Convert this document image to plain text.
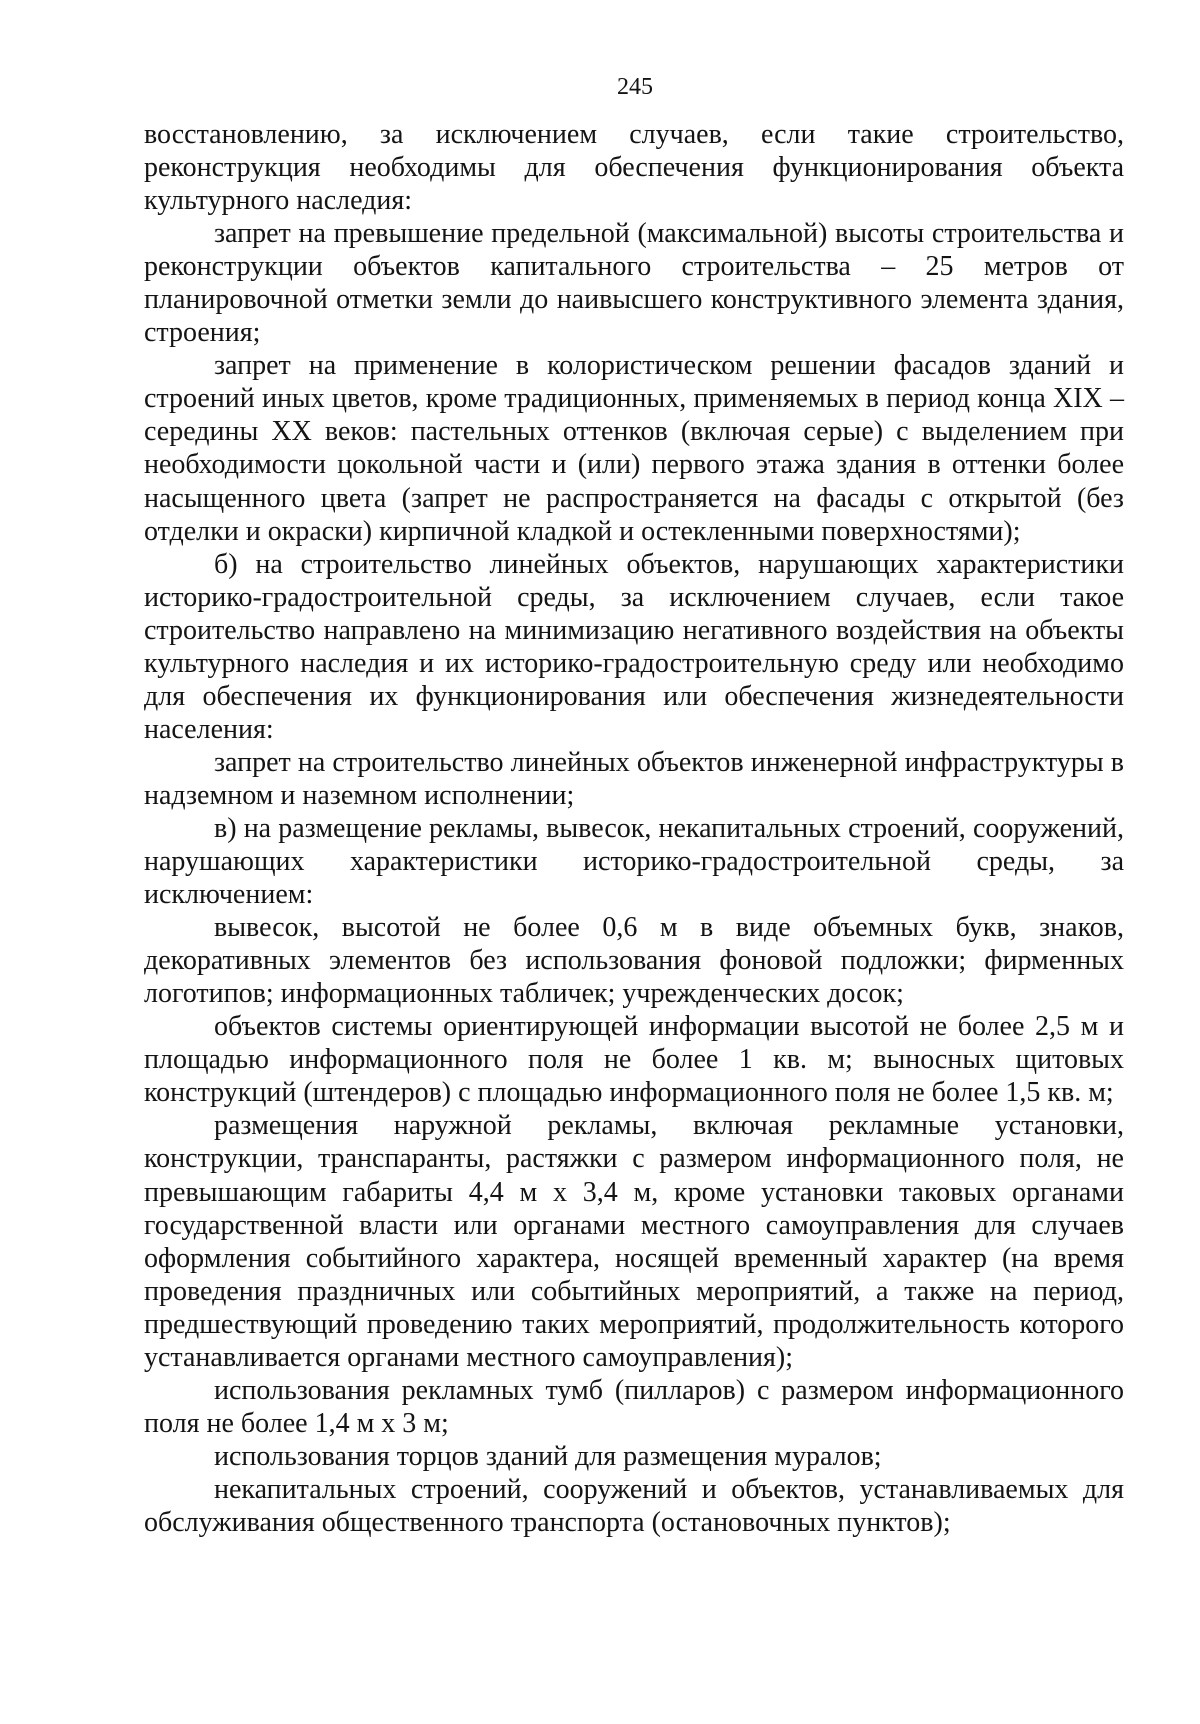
245

восстановлению, за исключением случаев, если такие строительство, реконструкция необходимы для обеспечения функционирования объекта культурного наследия:

запрет на превышение предельной (максимальной) высоты строительства и реконструкции объектов капитального строительства – 25 метров от планировочной отметки земли до наивысшего конструктивного элемента здания, строения;

запрет на применение в колористическом решении фасадов зданий и строений иных цветов, кроме традиционных, применяемых в период конца XIX – середины XX веков: пастельных оттенков (включая серые) с выделением при необходимости цокольной части и (или) первого этажа здания в оттенки более насыщенного цвета (запрет не распространяется на фасады с открытой (без отделки и окраски) кирпичной кладкой и остекленными поверхностями);

б) на строительство линейных объектов, нарушающих характеристики историко-градостроительной среды, за исключением случаев, если такое строительство направлено на минимизацию негативного воздействия на объекты культурного наследия и их историко-градостроительную среду или необходимо для обеспечения их функционирования или обеспечения жизнедеятельности населения:

запрет на строительство линейных объектов инженерной инфраструктуры в надземном и наземном исполнении;

в) на размещение рекламы, вывесок, некапитальных строений, сооружений, нарушающих характеристики историко-градостроительной среды, за исключением:

вывесок, высотой не более 0,6 м в виде объемных букв, знаков, декоративных элементов без использования фоновой подложки; фирменных логотипов; информационных табличек; учрежденческих досок;

объектов системы ориентирующей информации высотой не более 2,5 м и площадью информационного поля не более 1 кв. м; выносных щитовых конструкций (штендеров) с площадью информационного поля не более 1,5 кв. м;

размещения наружной рекламы, включая рекламные установки, конструкции, транспаранты, растяжки с размером информационного поля, не превышающим габариты 4,4 м х 3,4 м, кроме установки таковых органами государственной власти или органами местного самоуправления для случаев оформления событийного характера, носящей временный характер (на время проведения праздничных или событийных мероприятий, а также на период, предшествующий проведению таких мероприятий, продолжительность которого устанавливается органами местного самоуправления);

использования рекламных тумб (пилларов) с размером информационного поля не более 1,4 м х 3 м;

использования торцов зданий для размещения муралов;

некапитальных строений, сооружений и объектов, устанавливаемых для обслуживания общественного транспорта (остановочных пунктов);
